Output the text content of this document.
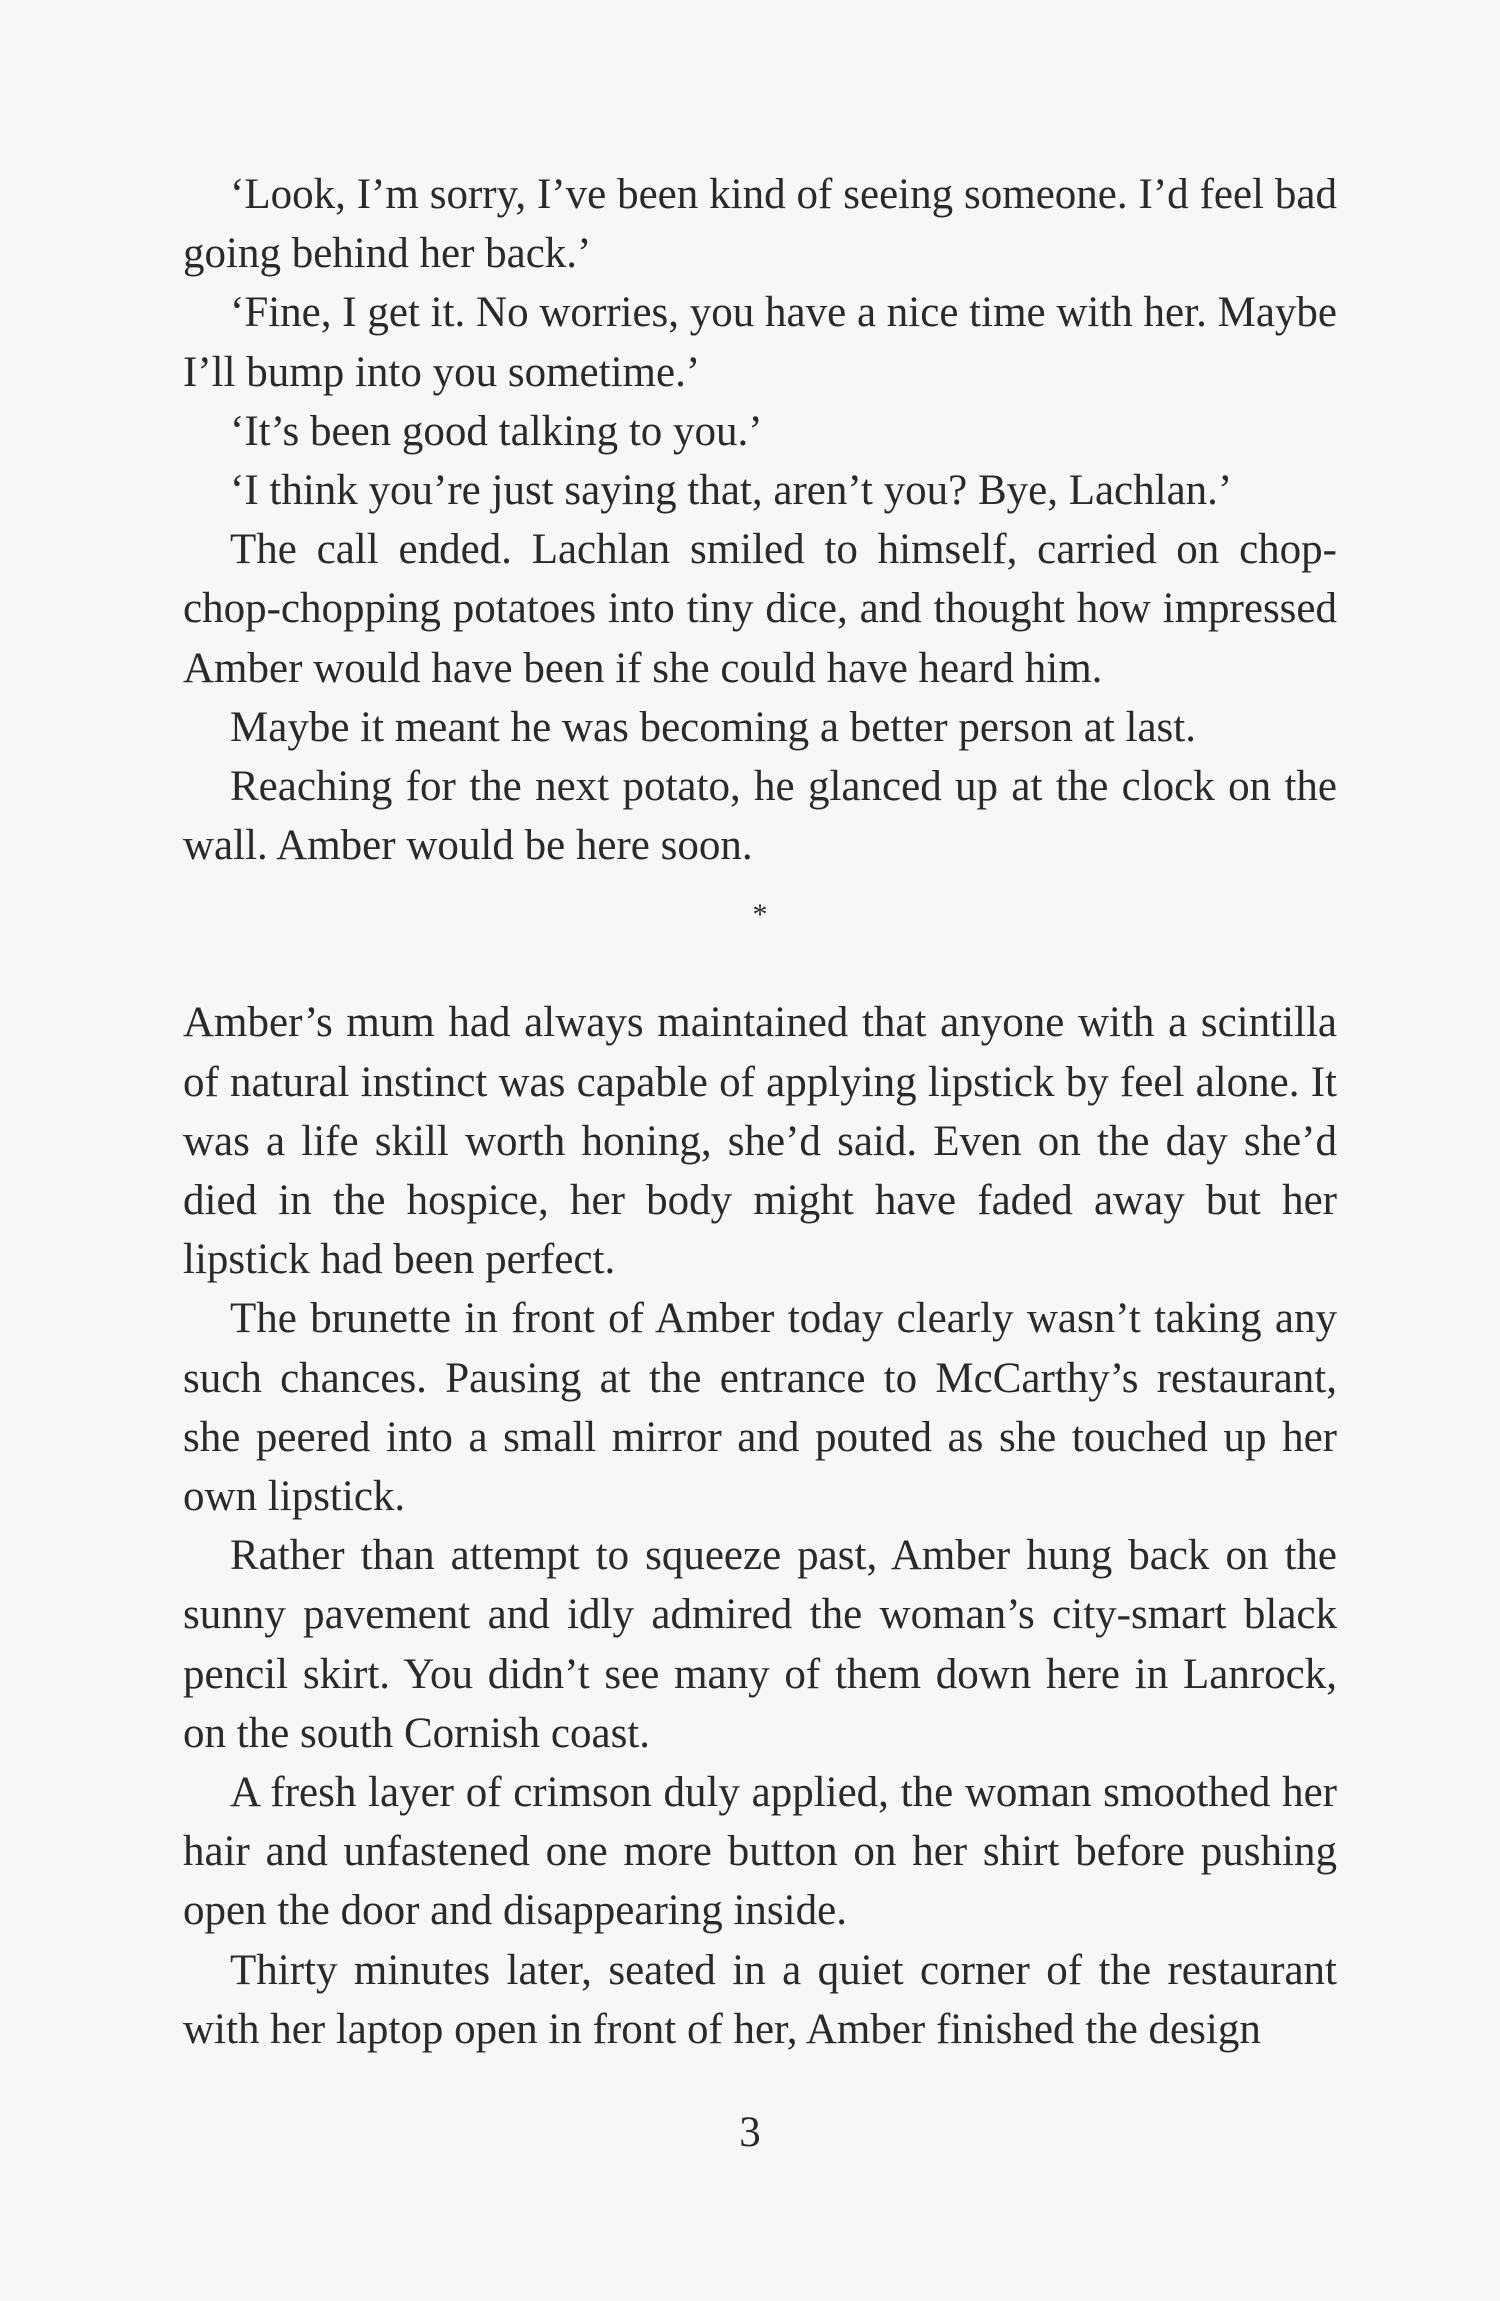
‘Look, I’m sorry, I’ve been kind of seeing someone. I’d feel bad going behind her back.’

‘Fine, I get it. No worries, you have a nice time with her. Maybe I’ll bump into you sometime.’

‘It’s been good talking to you.’

‘I think you’re just saying that, aren’t you? Bye, Lachlan.’

The call ended. Lachlan smiled to himself, carried on chop-chop-chopping potatoes into tiny dice, and thought how impressed Amber would have been if she could have heard him.

Maybe it meant he was becoming a better person at last.

Reaching for the next potato, he glanced up at the clock on the wall. Amber would be here soon.

*

Amber’s mum had always maintained that anyone with a scintilla of natural instinct was capable of applying lipstick by feel alone. It was a life skill worth honing, she’d said. Even on the day she’d died in the hospice, her body might have faded away but her lipstick had been perfect.

The brunette in front of Amber today clearly wasn’t taking any such chances. Pausing at the entrance to McCarthy’s restaurant, she peered into a small mirror and pouted as she touched up her own lipstick.

Rather than attempt to squeeze past, Amber hung back on the sunny pavement and idly admired the woman’s city-smart black pencil skirt. You didn’t see many of them down here in Lanrock, on the south Cornish coast.

A fresh layer of crimson duly applied, the woman smoothed her hair and unfastened one more button on her shirt before pushing open the door and disappearing inside.

Thirty minutes later, seated in a quiet corner of the restaurant with her laptop open in front of her, Amber finished the design

3
